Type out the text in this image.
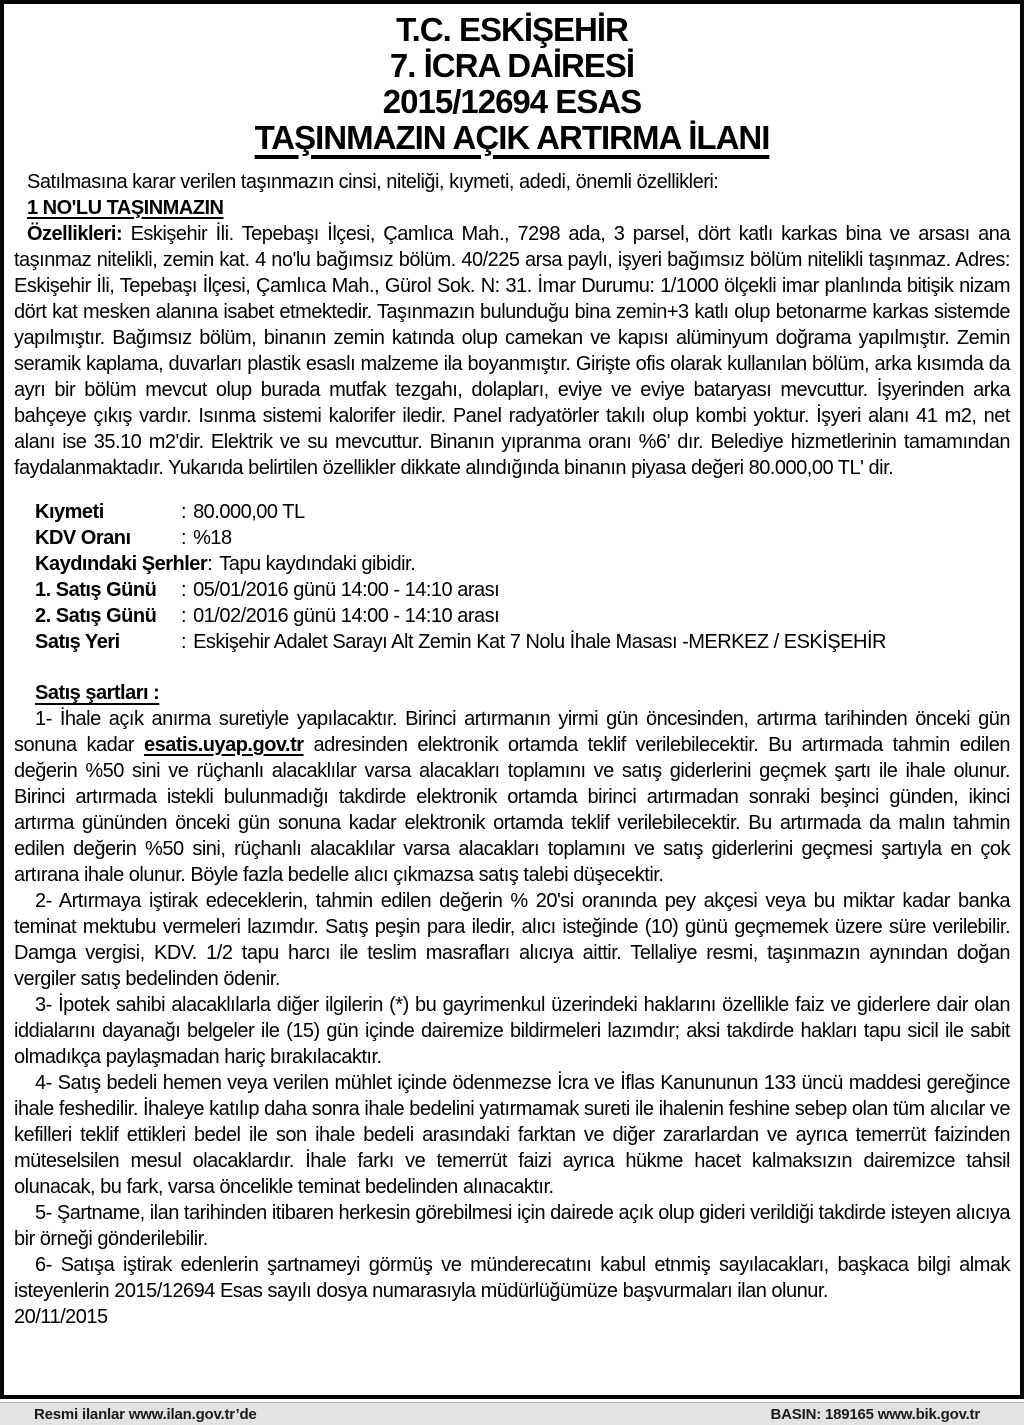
T.C. ESKİŞEHİR
7. İCRA DAİRESİ
2015/12694 ESAS
TAŞINMAZIN AÇIK ARTIRMA İLANI
Satılmasına karar verilen taşınmazın cinsi, niteliği, kıymeti, adedi, önemli özellikleri:
1 NO'LU TAŞINMAZIN

Özellikleri: Eskişehir İli. Tepebaşı İlçesi, Çamlıca Mah., 7298 ada, 3 parsel, dört katlı karkas bina ve arsası ana taşınmaz nitelikli, zemin kat. 4 no'lu bağımsız bölüm. 40/225 arsa paylı, işyeri bağımsız bölüm nitelikli taşınmaz. Adres: Eskişehir İli, Tepebaşı İlçesi, Çamlıca Mah., Gürol Sok. N: 31. İmar Durumu: 1/1000 ölçekli imar planlında bitişik nizam dört kat mesken alanına isabet etmektedir. Taşınmazın bulunduğu bina zemin+3 katlı olup betonarme karkas sistemde yapılmıştır. Bağımsız bölüm, binanın zemin katında olup camekan ve kapısı alüminyum doğrama yapılmıştır. Zemin seramik kaplama, duvarları plastik esaslı malzeme ila boyanmıştır. Girişte ofis olarak kullanılan bölüm, arka kısımda da ayrı bir bölüm mevcut olup burada mutfak tezgahı, dolapları, eviye ve eviye bataryası mevcuttur. İşyerinden arka bahçeye çıkış vardır. Isınma sistemi kalorifer iledir. Panel radyatörler takılı olup kombi yoktur. İşyeri alanı 41 m2, net alanı ise 35.10 m2'dir. Elektrik ve su mevcuttur. Binanın yıpranma oranı %6' dır. Belediye hizmetlerinin tamamından faydalanmaktadır. Yukarıda belirtilen özellikler dikkate alındığında binanın piyasa değeri 80.000,00 TL' dir.

Kıymeti	: 80.000,00 TL
KDV Oranı	: %18
Kaydındaki Şerhler : Tapu kaydındaki gibidir.
1. Satış Günü	: 05/01/2016 günü 14:00 - 14:10 arası
2. Satış Günü	: 01/02/2016 günü 14:00 - 14:10 arası
Satış Yeri	: Eskişehir Adalet Sarayı Alt Zemin Kat 7 Nolu İhale Masası -MERKEZ / ESKİŞEHİR
Satış şartları :

1- İhale açık anırma suretiyle yapılacaktır. Birinci artırmanın yirmi gün öncesinden, artırma tarihinden önceki gün sonuna kadar esatis.uyap.gov.tr adresinden elektronik ortamda teklif verilebilecektir. Bu artırmada tahmin edilen değerin %50 sini ve rüçhanlı alacaklılar varsa alacakları toplamını ve satış giderlerini geçmek şartı ile ihale olunur. Birinci artırmada istekli bulunmadığı takdirde elektronik ortamda birinci artırmadan sonraki beşinci günden, ikinci artırma gününden önceki gün sonuna kadar elektronik ortamda teklif verilebilecektir. Bu artırmada da malın tahmin edilen değerin %50 sini, rüçhanlı alacaklılar varsa alacakları toplamını ve satış giderlerini geçmesi şartıyla en çok artırana ihale olunur. Böyle fazla bedelle alıcı çıkmazsa satış talebi düşecektir.

2- Artırmaya iştirak edeceklerin, tahmin edilen değerin % 20'si oranında pey akçesi veya bu miktar kadar banka teminat mektubu vermeleri lazımdır. Satış peşin para iledir, alıcı isteğinde (10) günü geçmemek üzere süre verilebilir. Damga vergisi, KDV. 1/2 tapu harcı ile teslim masrafları alıcıya aittir. Tellaliye resmi, taşınmazın aynından doğan vergiler satış bedelinden ödenir.

3- İpotek sahibi alacaklılarla diğer ilgilerin (*) bu gayrimenkul üzerindeki haklarını özellikle faiz ve giderlere dair olan iddialarını dayanağı belgeler ile (15) gün içinde dairemize bildirmeleri lazımdır; aksi takdirde hakları tapu sicil ile sabit olmadıkça paylaşmadan hariç bırakılacaktır.

4- Satış bedeli hemen veya verilen mühlet içinde ödenmezse İcra ve İflas Kanununun 133 üncü maddesi gereğince ihale feshedilir. İhaleye katılıp daha sonra ihale bedelini yatırmamak sureti ile ihalenin feshine sebep olan tüm alıcılar ve kefilleri teklif ettikleri bedel ile son ihale bedeli arasındaki farktan ve diğer zararlardan ve ayrıca temerrüt faizinden müteselsilen mesul olacaklardır. İhale farkı ve temerrüt faizi ayrıca hükme hacet kalmaksızın dairemizce tahsil olunacak, bu fark, varsa öncelikle teminat bedelinden alınacaktır.

5- Şartname, ilan tarihinden itibaren herkesin görebilmesi için dairede açık olup gideri verildiği takdirde isteyen alıcıya bir örneği gönderilebilir.

6- Satışa iştirak edenlerin şartnameyi görmüş ve münderecatını kabul etnmiş sayılacakları, başkaca bilgi almak isteyenlerin 2015/12694 Esas sayılı dosya numarasıyla müdürlüğümüze başvurmaları ilan olunur.

20/11/2015
Resmi ilanlar www.ilan.gov.tr’de	BASIN: 189165 www.bik.gov.tr
